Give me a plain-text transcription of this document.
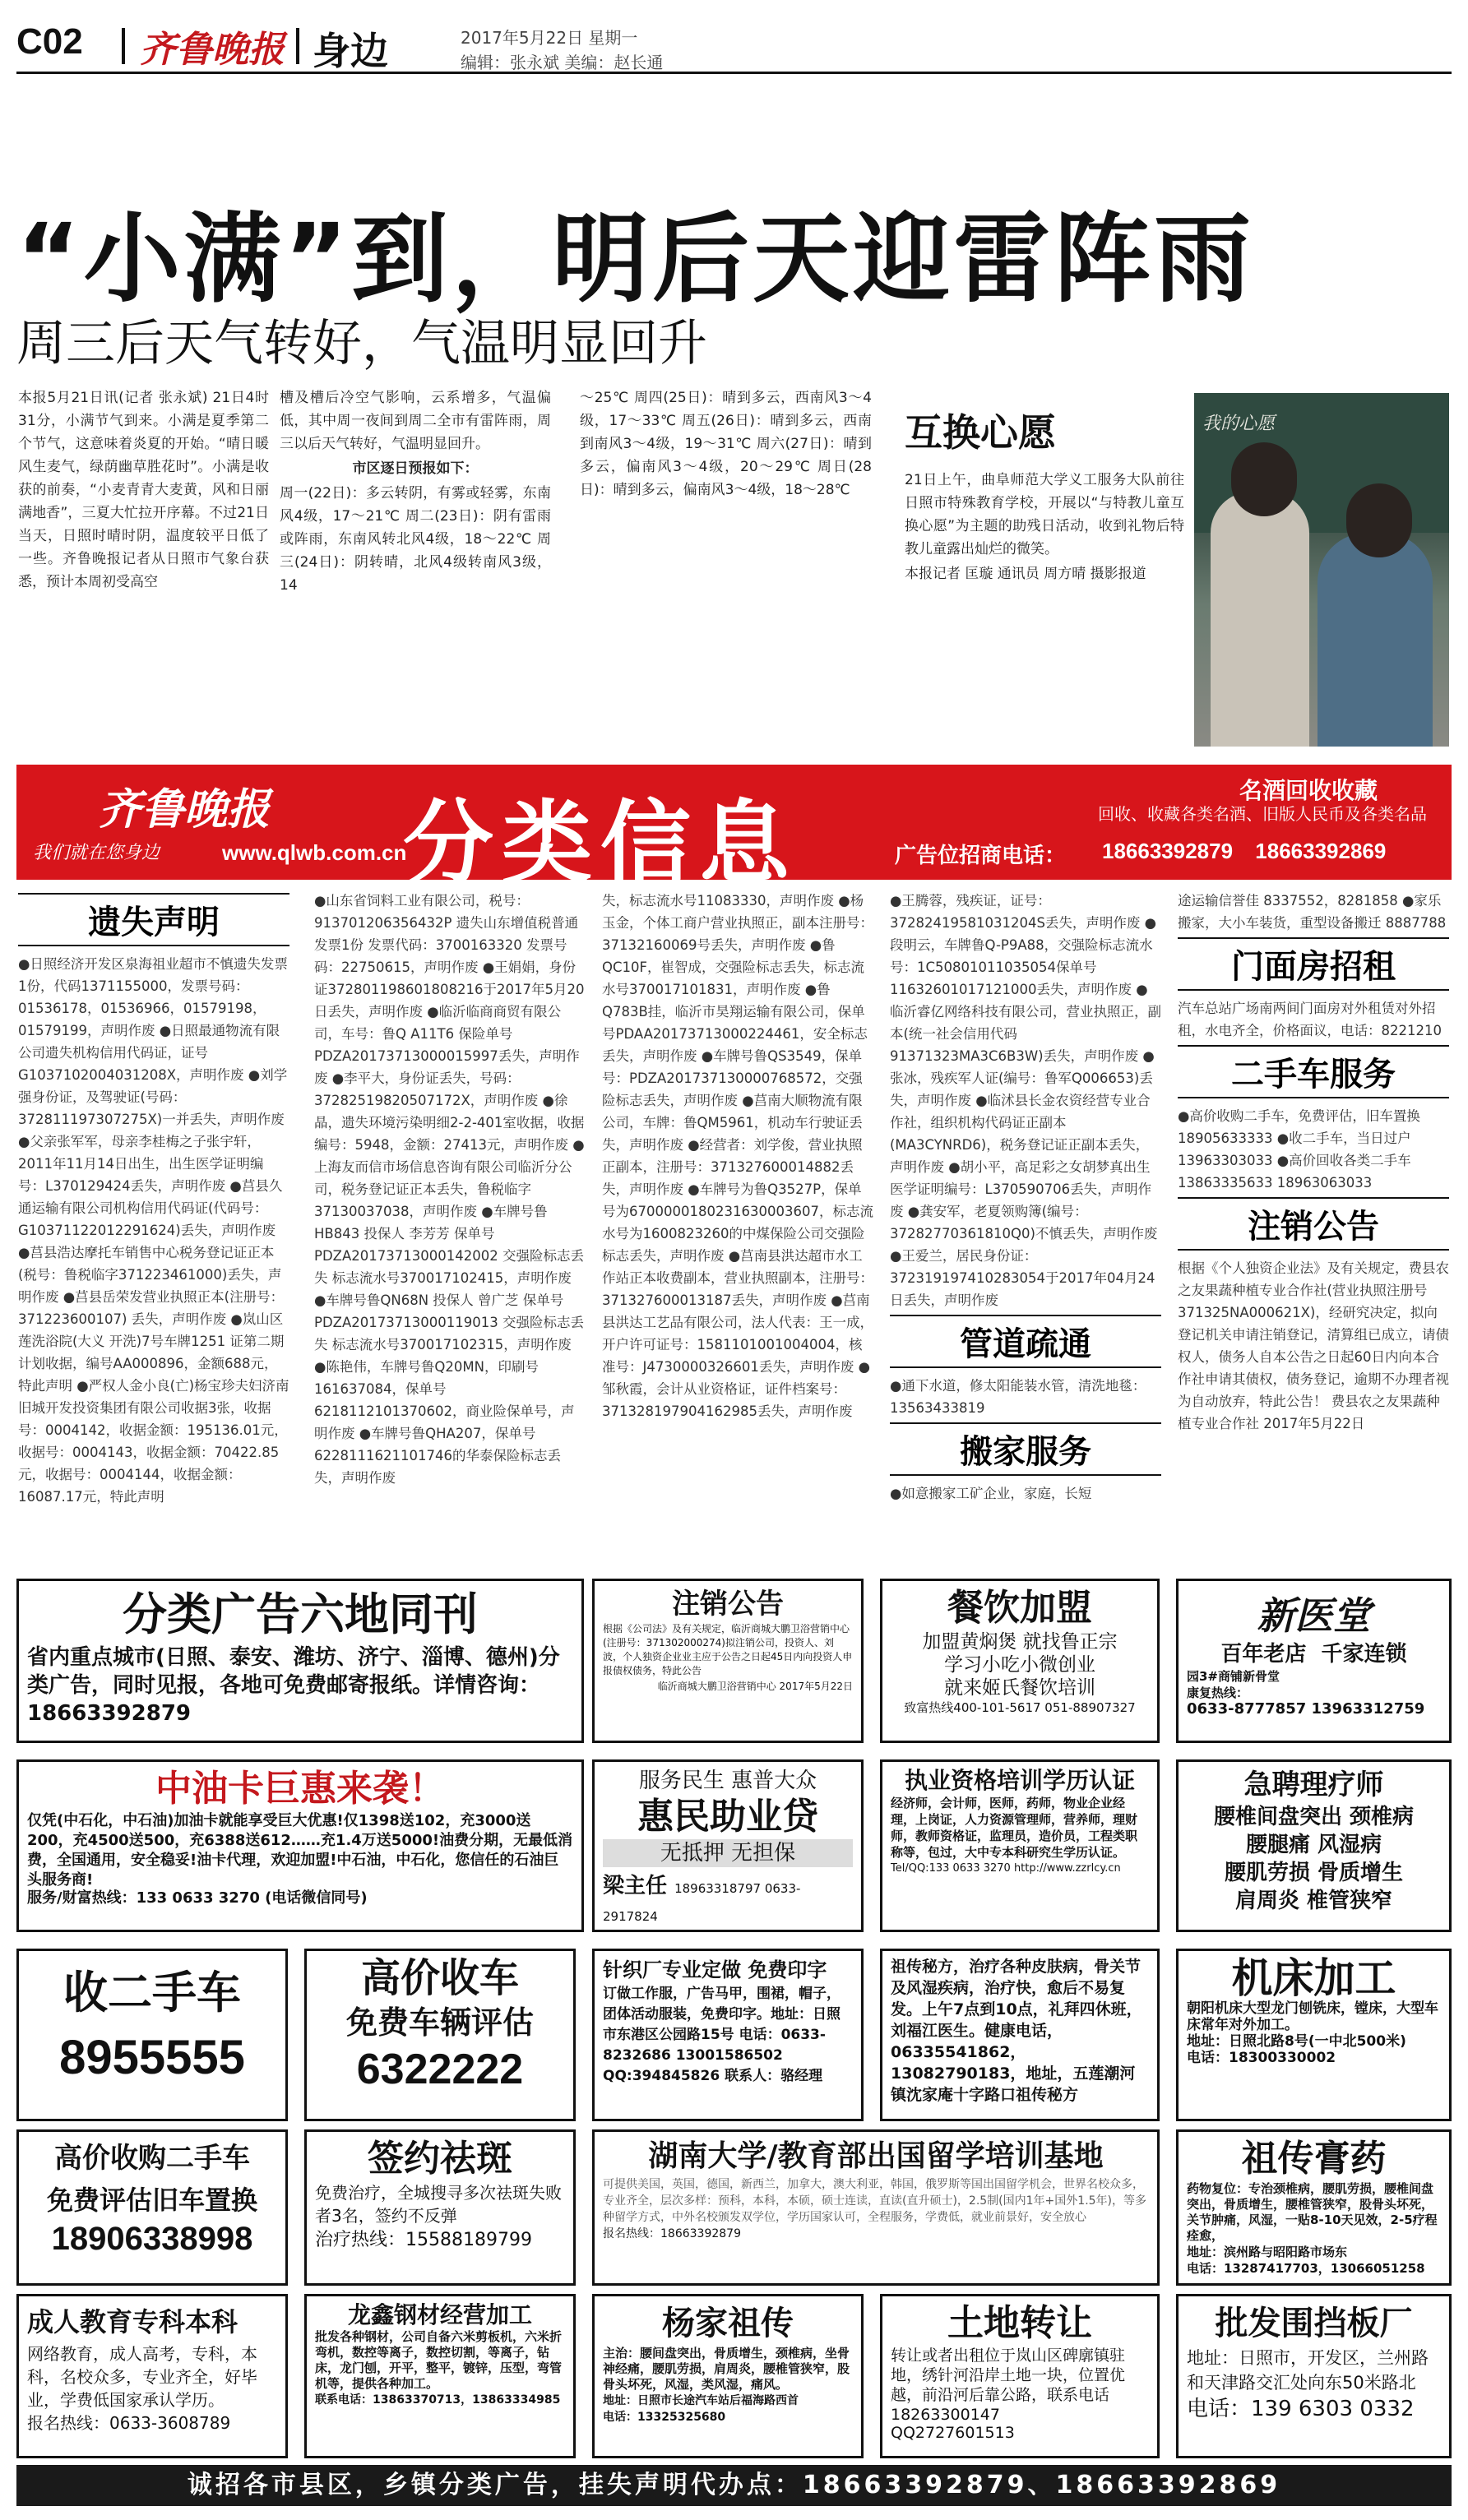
C02 齐鲁晚报 身边	2017年5月22日 星期一
编辑：张永斌 美编：赵长通
“小满”到，明后天迎雷阵雨
周三后天气转好，气温明显回升

本报5月21日讯(记者 张永斌) 21日4时31分，小满节气到来。小满是夏季第二个节气，这意味着炎夏的开始。“晴日暖风生麦气，绿荫幽草胜花时”。小满是收获的前奏，“小麦青青大麦黄，风和日丽满地香”，三夏大忙拉开序幕。不过21日当天，日照时晴时阴，温度较平日低了一些。齐鲁晚报记者从日照市气象台获悉，预计本周初受高空

槽及槽后冷空气影响，云系增多，气温偏低，其中周一夜间到周二全市有雷阵雨，周三以后天气转好，气温明显回升。

市区逐日预报如下：

周一(22日)：多云转阴，有雾或轻雾，东南风4级，17～21℃ 周二(23日)：阴有雷雨或阵雨，东南风转北风4级，18～22℃ 周三(24日)：阴转晴，北风4级转南风3级，14

～25℃ 周四(25日)：晴到多云，西南风3～4级，17～33℃ 周五(26日)：晴到多云，西南到南风3～4级，19～31℃ 周六(27日)：晴到多云，偏南风3～4级，20～29℃ 周日(28日)：晴到多云，偏南风3～4级，18～28℃

互换心愿

21日上午，曲阜师范大学义工服务大队前往日照市特殊教育学校，开展以“与特教儿童互换心愿”为主题的助残日活动，收到礼物后特教儿童露出灿烂的微笑。

本报记者 匡璇 通讯员 周方晴 摄影报道

我的心愿
齐鲁晚报
我们就在您身边	www.qlwb.com.cn
分类信息
名酒回收收藏
回收、收藏各类名酒、旧版人民币及各类名品
广告位招商电话： 18663392879 18663392869
遗失声明

●日照经济开发区泉海祖业超市不慎遗失发票1份，代码1371155000，发票号码：01536178，01536966，01579198，01579199，声明作废 ●日照最通物流有限公司遗失机构信用代码证，证号G1037102004031208X，声明作废 ●刘学强身份证，及驾驶证(号码：372811197307275X)一并丢失，声明作废 ●父亲张军军，母亲李桂梅之子张宇轩，2011年11月14日出生，出生医学证明编号：L370129424丢失，声明作废 ●莒县久通运输有限公司机构信用代码证(代码号：G10371122012291624)丢失，声明作废 ●莒县浩达摩托车销售中心税务登记证正本(税号：鲁税临字371223461000)丢失，声明作废 ●莒县岳荣发营业执照正本(注册号：371223600107) 丢失，声明作废 ●岚山区莲洗浴院(大义 开洗)7号车牌1251 证第二期计划收据，编号AA000896，金额688元，特此声明 ●严权人金小良(亡)杨宝珍夫妇济南旧城开发投资集团有限公司收据3张，收据号：0004142，收据金额：195136.01元，收据号：0004143，收据金额：70422.85元，收据号：0004144，收据金额：16087.17元，特此声明

●山东省饲料工业有限公司，税号：913701206356432P 遗失山东增值税普通发票1份 发票代码：3700163320 发票号码：22750615，声明作废 ●王娟娟，身份证372801198601808216于2017年5月20日丢失，声明作废 ●临沂临商商贸有限公司，车号：鲁Q A11T6 保险单号PDZA20173713000015997丢失，声明作废 ●李平大，身份证丢失，号码：37282519820507172X，声明作废 ●徐晶，遗失环境污染明细2-2-401室收据，收据编号：5948，金额：27413元，声明作废 ●上海友而信市场信息咨询有限公司临沂分公司，税务登记证正本丢失，鲁税临字37130037038，声明作废 ●车牌号鲁HB843 投保人 李芳芳 保单号PDZA20173713000142002 交强险标志丢失 标志流水号370017102415，声明作废 ●车牌号鲁QN68N 投保人 曾广芝 保单号PDZA20173713000119013 交强险标志丢失 标志流水号370017102315，声明作废 ●陈艳伟，车牌号鲁Q20MN，印刷号161637084，保单号6218112101370602，商业险保单号，声明作废 ●车牌号鲁QHA207，保单号6228111621101746的华泰保险标志丢失，声明作废

失，标志流水号11083330，声明作废 ●杨玉金，个体工商户营业执照正，副本注册号：37132160069号丢失，声明作废 ●鲁QC10F，崔智成，交强险标志丢失，标志流水号370017101831，声明作废 ●鲁Q783B挂，临沂市昊翔运输有限公司，保单号PDAA20173713000224461，安全标志丢失，声明作废 ●车牌号鲁QS3549，保单号：PDZA201737130000768572，交强险标志丢失，声明作废 ●莒南大顺物流有限公司，车牌：鲁QM5961，机动车行驶证丢失，声明作废 ●经营者：刘学俊，营业执照正副本，注册号：371327600014882丢失，声明作废 ●车牌号为鲁Q3527P，保单号为6700000180231630003607，标志流水号为1600823260的中煤保险公司交强险标志丢失，声明作废 ●莒南县洪达超市水工作站正本收费副本，营业执照副本，注册号：371327600013187丢失，声明作废 ●莒南县洪达工艺品有限公司，法人代表：王一成，开户许可证号：1581101001004004，核准号：J4730000326601丢失，声明作废 ●邹秋霞，会计从业资格证，证件档案号：371328197904162985丢失，声明作废

●王腾蓉，残疾证，证号：37282419581031204S丢失，声明作废 ●段明云，车牌鲁Q-P9A88，交强险标志流水号：1C50801011035054保单号11632601017121000丢失，声明作废 ●临沂睿亿网络科技有限公司，营业执照正，副本(统一社会信用代码91371323MA3C6B3W)丢失，声明作废 ●张冰，残疾军人证(编号：鲁军Q006653)丢失，声明作废 ●临沭县长金农资经营专业合作社，组织机构代码证正副本(MA3CYNRD6)，税务登记证正副本丢失，声明作废 ●胡小平，高足彩之女胡梦真出生医学证明编号：L370590706丢失，声明作废 ●龚安军，老夏领购簿(编号：37282770361810Q0)不慎丢失，声明作废 ●王爱兰，居民身份证：372319197410283054于2017年04月24日丢失，声明作废

管道疏通

●通下水道，修太阳能装水管，清洗地毯：13563433819

搬家服务

●如意搬家工矿企业，家庭，长短

途运输信誉佳 8337552，8281858 ●家乐搬家，大小车装货，重型设备搬迁 8887788

门面房招租

汽车总站广场南两间门面房对外租赁对外招租，水电齐全，价格面议，电话：8221210

二手车服务

●高价收购二手车，免费评估，旧车置换 18905633333 ●收二手车，当日过户 13963303033 ●高价回收各类二手车 13863335633 18963063033

注销公告

根据《个人独资企业法》及有关规定，费县农之友果蔬种植专业合作社(营业执照注册号371325NA000621X)，经研究决定，拟向登记机关申请注销登记，清算组已成立，请债权人，债务人自本公告之日起60日内向本合作社申请其债权，债务登记，逾期不办理者视为自动放弃，特此公告！ 费县农之友果蔬种植专业合作社 2017年5月22日

分类广告六地同刊
省内重点城市(日照、泰安、潍坊、济宁、淄博、德州)分类广告，同时见报，各地可免费邮寄报纸。详情咨询：18663392879
注销公告
根据《公司法》及有关规定，临沂商城大鹏卫浴营销中心(注册号：371302000274)拟注销公司，投资人、刘波，个人独资企业业主应于公告之日起45日内向投资人申报债权债务，特此公告
临沂商城大鹏卫浴营销中心 2017年5月22日
餐饮加盟
加盟黄焖煲 就找鲁正宗
学习小吃小微创业
就来姬氏餐饮培训
致富热线400-101-5617 051-88907327
新医堂
百年老店 千家连锁
园3#商铺新骨堂
康复热线：
0633-8777857 13963312759
中油卡巨惠来袭！
仅凭(中石化，中石油)加油卡就能享受巨大优惠!仅1398送102，充3000送200，充4500送500，充6388送612……充1.4万送5000!油费分期，无最低消费，全国通用，安全稳妥!油卡代理，欢迎加盟!中石油，中石化，您信任的石油巨头服务商!
服务/财富热线：133 0633 3270 (电话微信同号)
服务民生 惠普大众
惠民助业贷
无抵押 无担保
梁主任 18963318797 0633-2917824
执业资格培训学历认证
经济师，会计师，医师，药师，物业企业经理，上岗证，人力资源管理师，营养师，理财师，教师资格证，监理员，造价员，工程类职称等，包过，大中专本科研究生学历认证。
Tel/QQ:133 0633 3270 http://www.zzrlcy.cn
急聘理疗师
腰椎间盘突出 颈椎病
腰腿痛 风湿病
腰肌劳损 骨质增生
肩周炎 椎管狭窄
收二手车
8955555
高价收车
免费车辆评估
6322222
针织厂专业定做 免费印字
订做工作服，广告马甲，围裙，帽子，团体活动服装，免费印字。地址：日照市东港区公园路15号 电话：0633-8232686 13001586502 QQ:394845826 联系人：骆经理
祖传秘方，治疗各种皮肤病，骨关节及风湿疾病，治疗快，愈后不易复发。上午7点到10点，礼拜四休班，刘福江医生。健康电话，06335541862，13082790183，地址，五莲潮河镇沈家庵十字路口祖传秘方
机床加工
朝阳机床大型龙门刨铣床，镗床，大型车床常年对外加工。
地址：日照北路8号(一中北500米)
电话：18300330002
高价收购二手车
免费评估旧车置换
18906338998
签约祛斑
免费治疗，全城搜寻多次祛斑失败者3名，签约不反弹
治疗热线：15588189799
湖南大学/教育部出国留学培训基地
可提供美国，英国，德国，新西兰，加拿大，澳大利亚，韩国，俄罗斯等国出国留学机会，世界名校众多，专业齐全，层次多样：预科，本科，本硕，硕士连读，直读(直升硕士)，2.5制(国内1年+国外1.5年)，等多种留学方式，中外名校颁发双学位，学历国家认可，全程服务，学费低，就业前景好，安全放心
报名热线：18663392879
祖传膏药
药物复位：专治颈椎病，腰肌劳损，腰椎间盘突出，骨质增生，腰椎管狭窄，股骨头坏死，关节肿痛，风湿，一贴8-10天见效，2-5疗程痊愈，
地址：滨州路与昭阳路市场东
电话：13287417703，13066051258
成人教育专科本科
网络教育，成人高考，专科，本科，名校众多，专业齐全，好毕业，学费低国家承认学历。
报名热线：0633-3608789
龙鑫钢材经营加工
批发各种钢材，公司自备六米剪板机，六米折弯机，数控等离子，数控切割，等离子，钻床，龙门刨，开平，整平，镀锌，压型，弯管机等，提供各种加工。
联系电话：13863370713，13863334985
杨家祖传
主治：腰间盘突出，骨质增生，颈椎病，坐骨神经痛，腰肌劳损，肩周炎，腰椎管狭窄，股骨头坏死，风湿，类风湿，痛风。
地址：日照市长途汽车站后福海路西首
电话：13325325680
土地转让
转让或者出租位于岚山区碑廓镇驻地，绣针河沿岸土地一块，位置优越，前沿河后靠公路，联系电话18263300147
QQ2727601513
批发围挡板厂
地址：日照市，开发区，兰州路和天津路交汇处向东50米路北
电话：139 6303 0332
诚招各市县区，乡镇分类广告，挂失声明代办点：18663392879、18663392869
